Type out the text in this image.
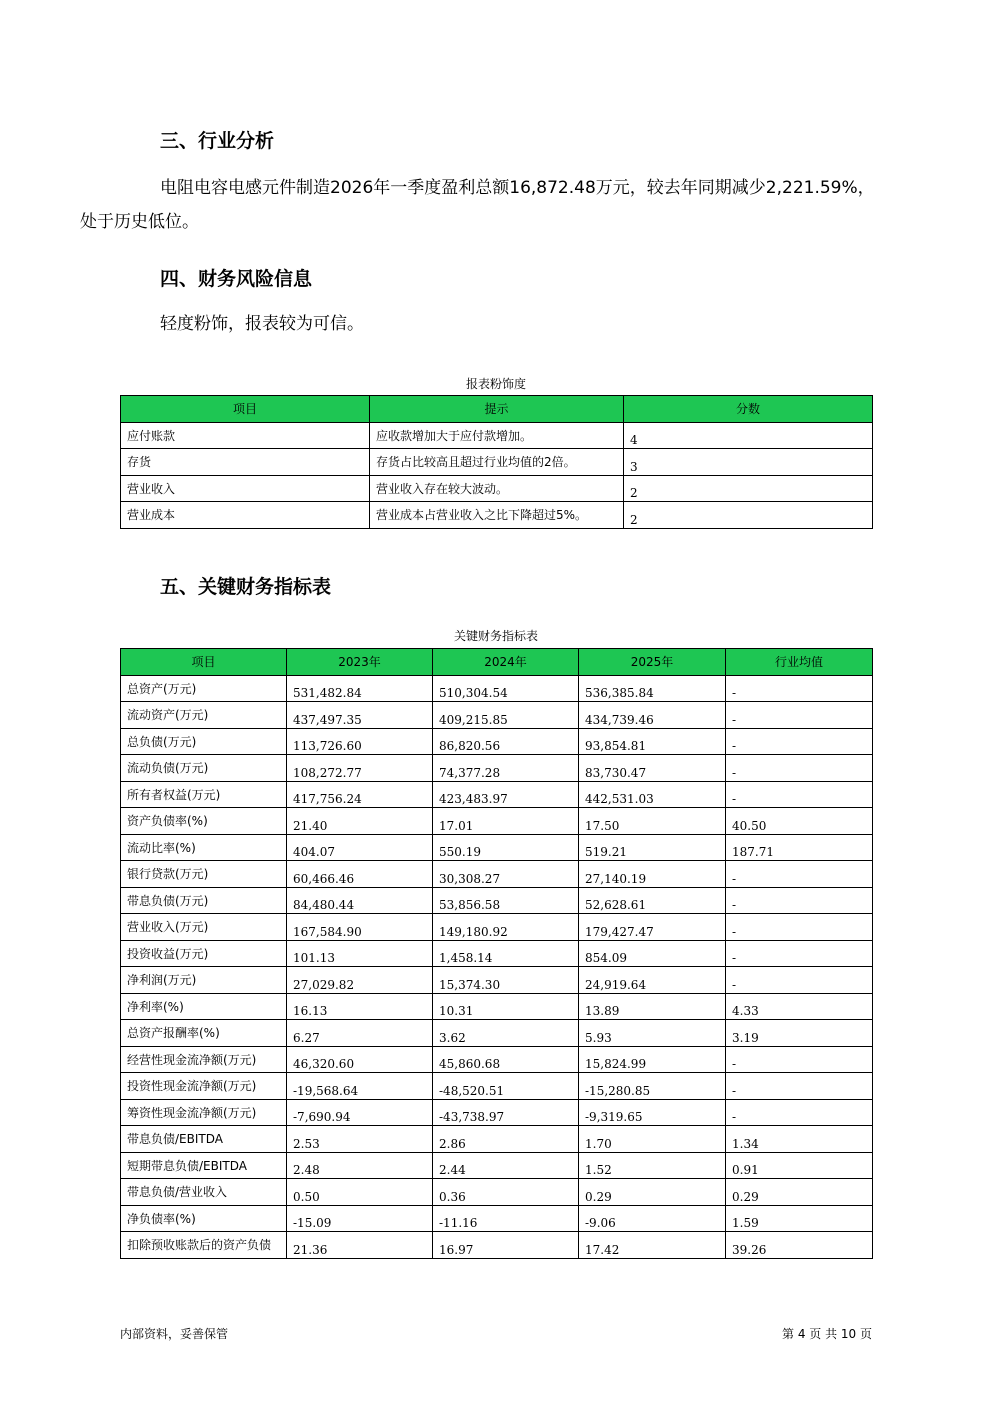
三、行业分析

电阻电容电感元件制造2026年一季度盈利总额16,872.48万元，较去年同期减少2,221.59%，
处于历史低位。

四、财务风险信息

轻度粉饰，报表较为可信。

报表粉饰度
项目	提示	分数
应付账款	应收款增加大于应付款增加。	4
存货	存货占比较高且超过行业均值的2倍。	3
营业收入	营业收入存在较大波动。	2
营业成本	营业成本占营业收入之比下降超过5%。	2
五、关键财务指标表
关键财务指标表
项目	2023年	2024年	2025年	行业均值
总资产(万元)	531,482.84	510,304.54	536,385.84	-
流动资产(万元)	437,497.35	409,215.85	434,739.46	-
总负债(万元)	113,726.60	86,820.56	93,854.81	-
流动负债(万元)	108,272.77	74,377.28	83,730.47	-
所有者权益(万元)	417,756.24	423,483.97	442,531.03	-
资产负债率(%)	21.40	17.01	17.50	40.50
流动比率(%)	404.07	550.19	519.21	187.71
银行贷款(万元)	60,466.46	30,308.27	27,140.19	-
带息负债(万元)	84,480.44	53,856.58	52,628.61	-
营业收入(万元)	167,584.90	149,180.92	179,427.47	-
投资收益(万元)	101.13	1,458.14	854.09	-
净利润(万元)	27,029.82	15,374.30	24,919.64	-
净利率(%)	16.13	10.31	13.89	4.33
总资产报酬率(%)	6.27	3.62	5.93	3.19
经营性现金流净额(万元)	46,320.60	45,860.68	15,824.99	-
投资性现金流净额(万元)	-19,568.64	-48,520.51	-15,280.85	-
筹资性现金流净额(万元)	-7,690.94	-43,738.97	-9,319.65	-
带息负债/EBITDA	2.53	2.86	1.70	1.34
短期带息负债/EBITDA	2.48	2.44	1.52	0.91
带息负债/营业收入	0.50	0.36	0.29	0.29
净负债率(%)	-15.09	-11.16	-9.06	1.59
扣除预收账款后的资产负债	21.36	16.97	17.42	39.26
内部资料，妥善保管	第 4 页 共 10 页
